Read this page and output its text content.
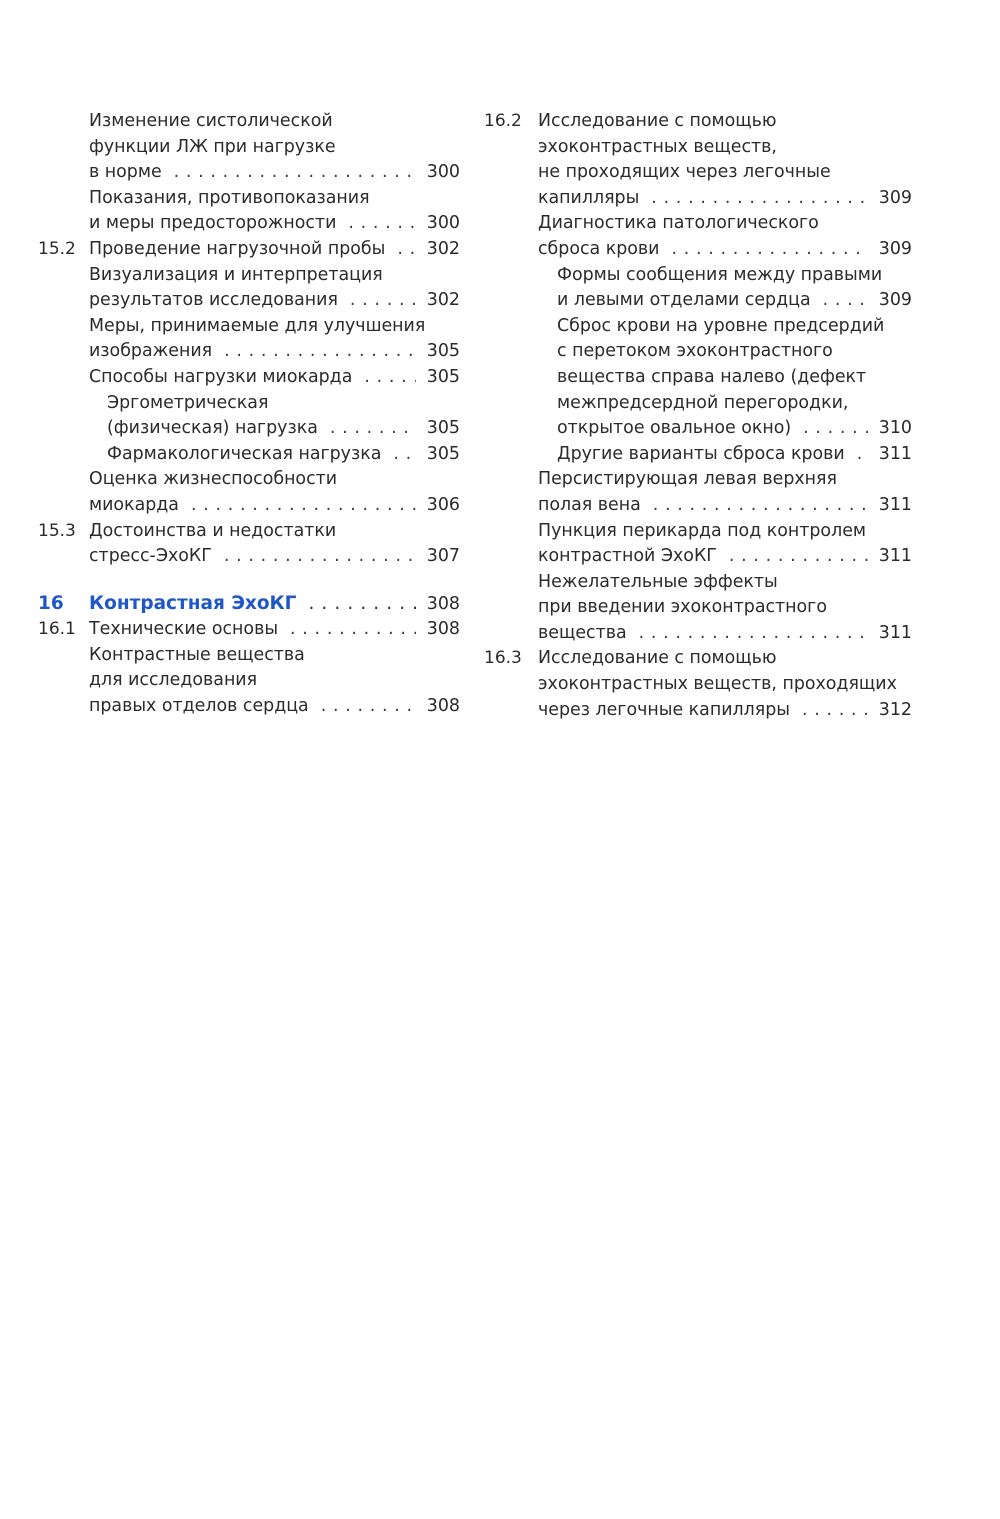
Изменение систолической
функции ЛЖ при нагрузке
в норме . . .	300
Показания, противопоказания
и меры предосторожности . . .	300
15.2 Проведение нагрузочной пробы . . . 302
Визуализация и интерпретация
результатов исследования . . .	302
Меры, принимаемые для улучшения
изображения . . .	305
Способы нагрузки миокарда . . .	305
Эргометрическая
(физическая) нагрузка . . .	305
Фармакологическая нагрузка . . .	305
Оценка жизнеспособности
миокарда . . .	306
15.3 Достоинства и недостатки
стресс-ЭхоКГ . . .	307
16 Контрастная ЭхоКГ . . .	308
16.1 Технические основы . . .	308
Контрастные вещества
для исследования
правых отделов сердца . . .	308
16.2 Исследование с помощью
эхоконтрастных веществ,
не проходящих через легочные
капилляры . . .	309
Диагностика патологического
сброса крови . . .	309
Формы сообщения между правыми
и левыми отделами сердца . . .	309
Сброс крови на уровне предсердий
с перетоком эхоконтрастного
вещества справа налево (дефект
межпредсердной перегородки,
открытое овальное окно) . . .	310
Другие варианты сброса крови . . . 311
Персистирующая левая верхняя
полая вена . . .	311
Пункция перикарда под контролем
контрастной ЭхоКГ . . .	311
Нежелательные эффекты
при введении эхоконтрастного
вещества . . .	311
16.3 Исследование с помощью
эхоконтрастных веществ, проходящих
через легочные капилляры . . .	312
